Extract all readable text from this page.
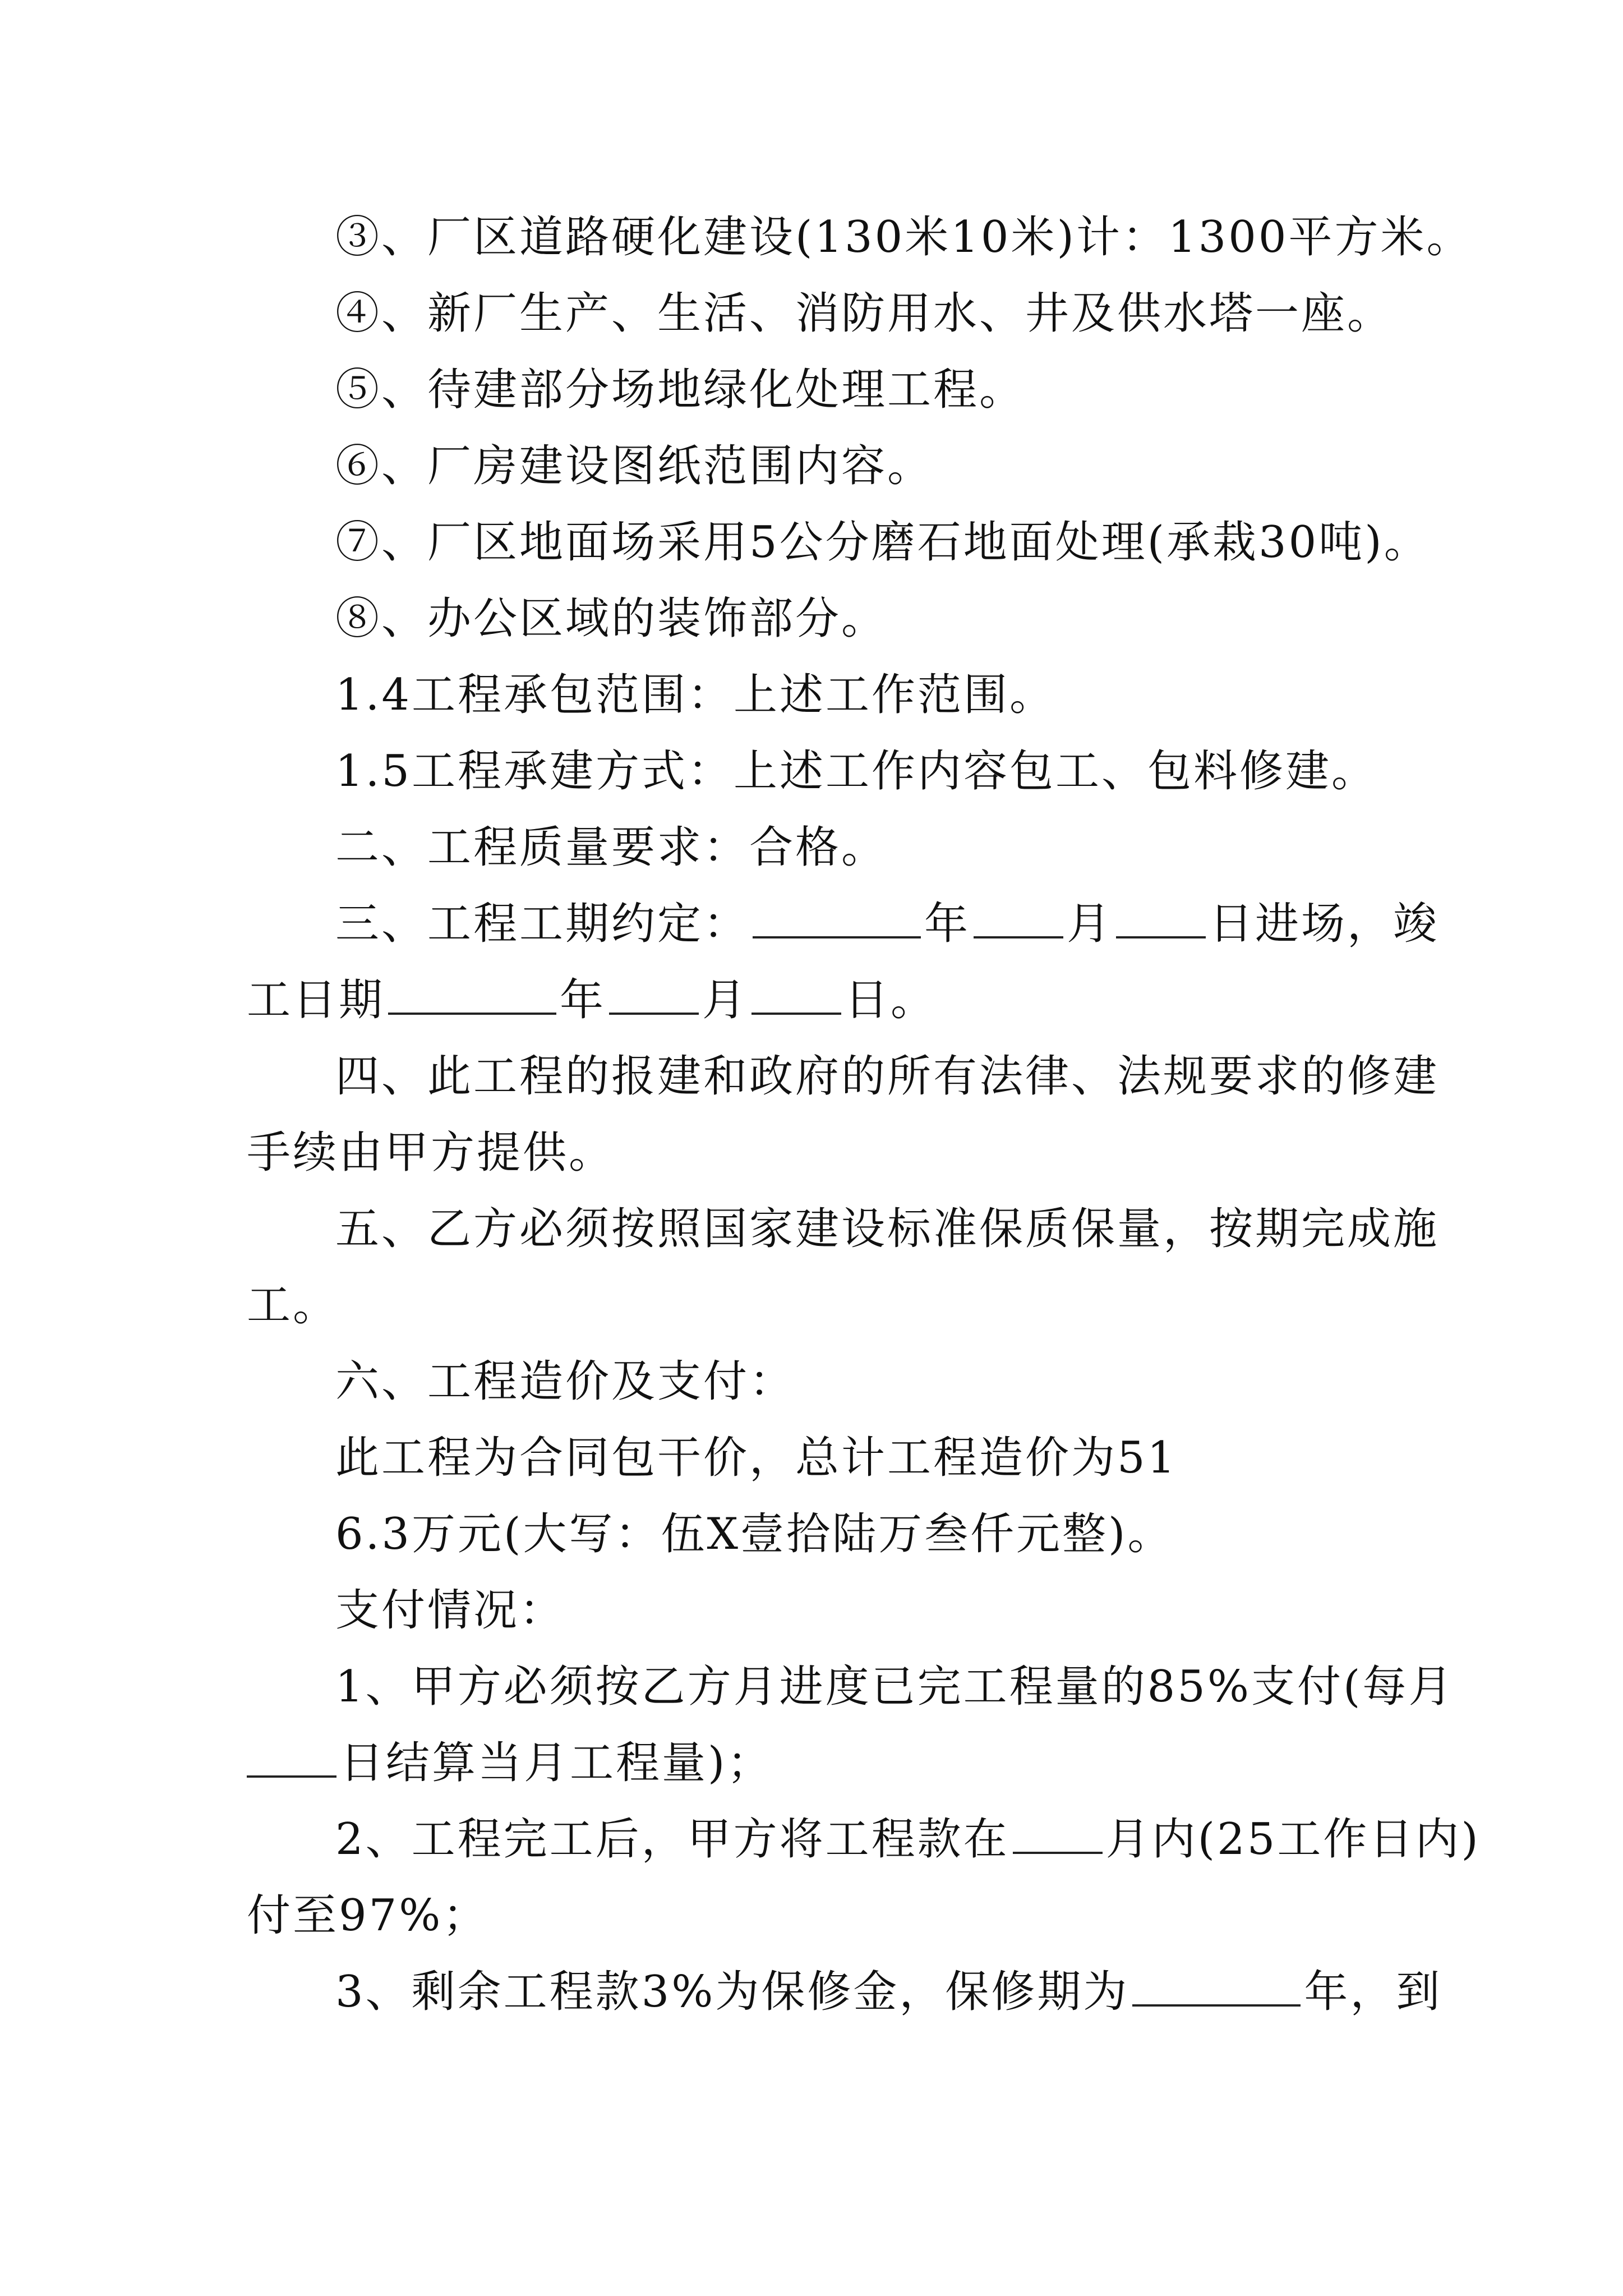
③、厂区道路硬化建设(130米10米)计：1300平方米。

④、新厂生产、生活、消防用水、井及供水塔一座。

⑤、待建部分场地绿化处理工程。

⑥、厂房建设图纸范围内容。

⑦、厂区地面场采用5公分磨石地面处理(承栽30吨)。

⑧、办公区域的装饰部分。

1.4工程承包范围：上述工作范围。

1.5工程承建方式：上述工作内容包工、包料修建。

二、工程质量要求：合格。

三、工程工期约定：	年 月 日进场，竣

工日期	年 月 日。

四、此工程的报建和政府的所有法律、法规要求的修建

手续由甲方提供。

五、乙方必须按照国家建设标准保质保量，按期完成施

工。

六、工程造价及支付：

此工程为合同包干价，总计工程造价为51

6.3万元(大写：伍X壹拾陆万叁仟元整)。

支付情况：

1、甲方必须按乙方月进度已完工程量的85%支付(每月

日结算当月工程量)；

2、工程完工后，甲方将工程款在 月内(25工作日内)

付至97%；

3、剩余工程款3%为保修金，保修期为	年，到
